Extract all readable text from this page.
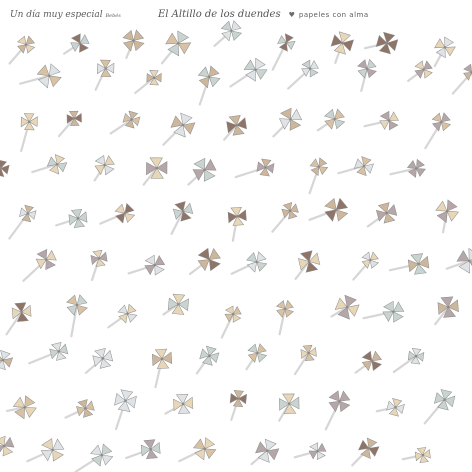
Un día muy especial Bebés	El Altillo de los duendes ♥ papeles con alma
